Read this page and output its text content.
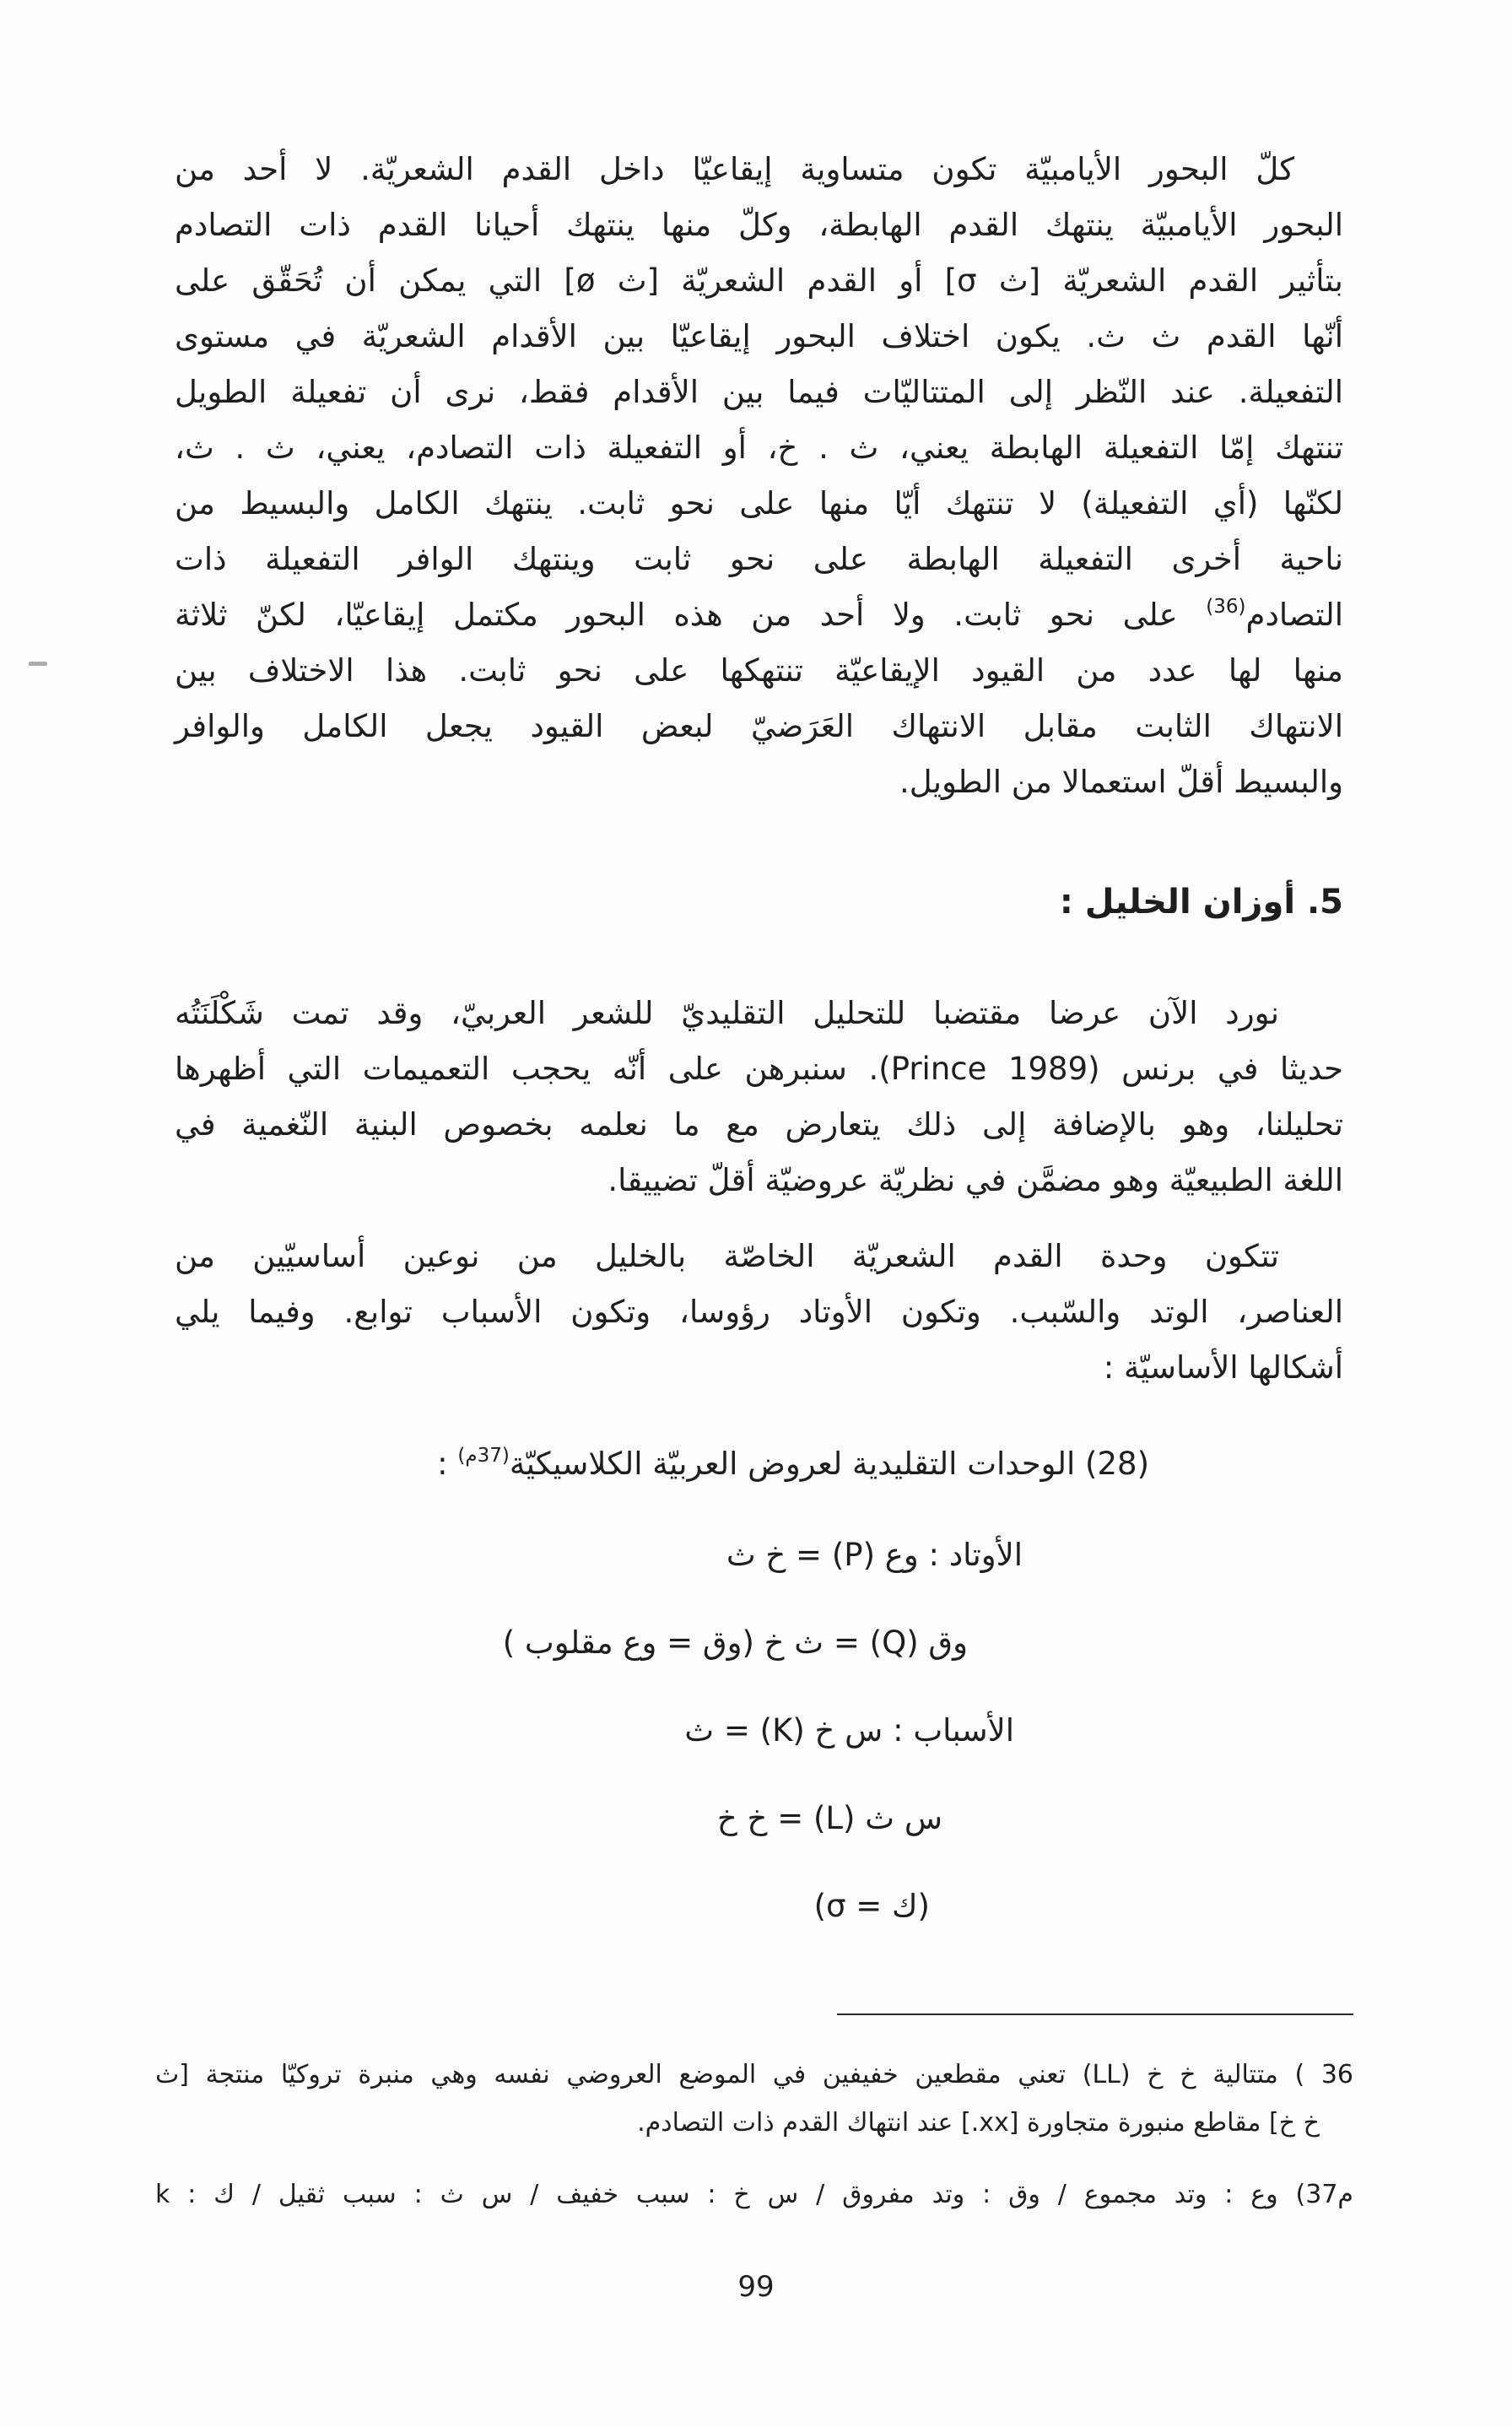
كلّ البحور الأيامبيّة تكون متساوية إيقاعيّا داخل القدم الشعريّة. لا أحد من
البحور الأيامبيّة ينتهك القدم الهابطة، وكلّ منها ينتهك أحيانا القدم ذات التصادم
بتأثير القدم الشعريّة [ث σ] أو القدم الشعريّة [ث ø] التي يمكن أن تُحَقّق على
أنّها القدم ث ث. يكون اختلاف البحور إيقاعيّا بين الأقدام الشعريّة في مستوى
التفعيلة. عند النّظر إلى المتتاليّات فيما بين الأقدام فقط، نرى أن تفعيلة الطويل
تنتهك إمّا التفعيلة الهابطة يعني، ث . خ، أو التفعيلة ذات التصادم، يعني، ث . ث،
لكنّها (أي التفعيلة) لا تنتهك أيّا منها على نحو ثابت. ينتهك الكامل والبسيط من
ناحية أخرى التفعيلة الهابطة على نحو ثابت وينتهك الوافر التفعيلة ذات
التصادم$^{(36)}$ على نحو ثابت. ولا أحد من هذه البحور مكتمل إيقاعيّا، لكنّ ثلاثة
منها لها عدد من القيود الإيقاعيّة تنتهكها على نحو ثابت. هذا الاختلاف بين
الانتهاك الثابت مقابل الانتهاك العَرَضيّ لبعض القيود يجعل الكامل والوافر
والبسيط أقلّ استعمالا من الطويل.
5. أوزان الخليل :
نورد الآن عرضا مقتضبا للتحليل التقليديّ للشعر العربيّ، وقد تمت شَكْلَنَتُه
حديثا في برنس (Prince 1989). سنبرهن على أنّه يحجب التعميمات التي أظهرها
تحليلنا، وهو بالإضافة إلى ذلك يتعارض مع ما نعلمه بخصوص البنية النّغمية في
اللغة الطبيعيّة وهو مضمَّن في نظريّة عروضيّة أقلّ تضييقا.
تتكون وحدة القدم الشعريّة الخاصّة بالخليل من نوعين أساسيّين من
العناصر، الوتد والسّبب. وتكون الأوتاد رؤوسا، وتكون الأسباب توابع. وفيما يلي
أشكالها الأساسيّة :
(28) الوحدات التقليدية لعروض العربيّة الكلاسيكيّة$^{(37م)}$ :
الأوتاد : وع (P) = خ ث
وق (Q) = ث خ (وق = وع مقلوب )
الأسباب : س خ (K) = ث
س ث (L) = خ خ
(ك = σ)
36 ) متتالية خ خ (LL) تعني مقطعين خفيفين في الموضع العروضي نفسه وهي منبرة تروكيّا منتجة [ث
خ خ] مقاطع منبورة متجاورة [xx.] عند انتهاك القدم ذات التصادم.
م37) وع : وتد مجموع / وق : وتد مفروق / س خ : سبب خفيف / س ث : سبب ثقيل / ك : k
99
